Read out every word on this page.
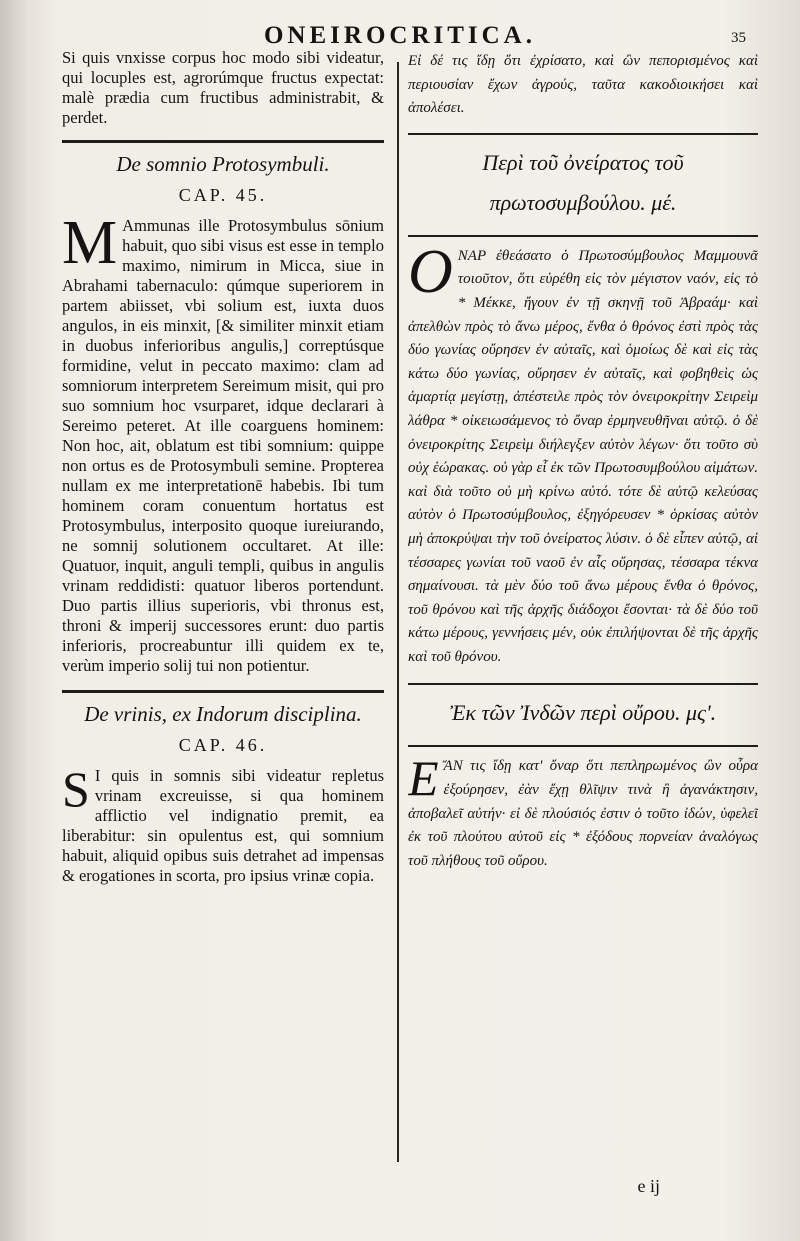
ONEIROCRITICA.	35
Si quis vnxisse corpus hoc modo sibi videatur, qui locuples est, agrorúmque fructus expectat: malè prædia cum fructibus administrabit, & perdet.
De somnio Protosymbuli.
CAP. 45.
M Ammunas ille Protosymbulus sōnium habuit, quo sibi visus est esse in templo maximo, nimirum in Micca, siue in Abrahami tabernaculo: qúmque superiorem in partem abiisset, vbi solium est, iuxta duos angulos, in eis minxit, [& similiter minxit etiam in duobus inferioribus angulis,] correptúsque formidine, velut in peccato maximo: clam ad somniorum interpretem Sereimum misit, qui pro suo somnium hoc vsurparet, idque declarari à Sereimo peteret. At ille coarguens hominem: Non hoc, ait, oblatum est tibi somnium: quippe non ortus es de Protosymbuli semine. Propterea nullam ex me interpretationē habebis. Ibi tum hominem coram conuentum hortatus est Protosymbulus, interposito quoque iureiurando, ne somnij solutionem occultaret. At ille: Quatuor, inquit, anguli templi, quibus in angulis vrinam reddidisti: quatuor liberos portendunt. Duo partis illius superioris, vbi thronus est, throni & imperij successores erunt: duo partis inferioris, procreabuntur illi quidem ex te, verùm imperio solij tui non potientur.
De vrinis, ex Indorum disciplina.
CAP. 46.
S I quis in somnis sibi videatur repletus vrinam excreuisse, si qua hominem afflictio vel indignatio premit, ea liberabitur: sin opulentus est, qui somnium habuit, aliquid opibus suis detrahet ad impensas & erogationes in scorta, pro ipsius vrinæ copia.
Εἰ δέ τις ἴδῃ ὅτι ἐχρίσατο, καὶ ὢν πεπορισμένος καὶ περιουσίαν ἔχων ἀγρούς, ταῦτα κακοδιοικήσει καὶ ἀπολέσει.
Περὶ τοῦ ὀνείρατος τοῦ πρωτοσυμβούλου. μέ.
Ο ΝΑΡ ἐθεάσατο ὁ Πρωτοσύμβουλος Μαμμουνᾶ τοιοῦτον, ὅτι εὑρέθη εἰς τὸν μέγιστον ναόν, εἰς τὸ * Μέκκε, ἤγουν ἐν τῇ σκηνῇ τοῦ Ἀβραάμ· καὶ ἀπελθὼν πρὸς τὸ ἄνω μέρος, ἔνθα ὁ θρόνος ἐστὶ πρὸς τὰς δύο γωνίας οὔρησεν ἐν αὐταῖς, καὶ ὁμοίως δὲ καὶ εἰς τὰς κάτω δύο γωνίας, οὔρησεν ἐν αὐταῖς, καὶ φοβηθεὶς ὡς ἁμαρτίᾳ μεγίστῃ, ἀπέστειλε πρὸς τὸν ὀνειροκρίτην Σειρεὶμ λάθρα * οἰκειωσάμενος τὸ ὄναρ ἑρμηνευθῆναι αὐτῷ. ὁ δὲ ὀνειροκρίτης Σειρεὶμ διήλεγξεν αὐτὸν λέγων· ὅτι τοῦτο σὺ οὐχ ἑώρακας. οὐ γὰρ εἶ ἐκ τῶν Πρωτοσυμβούλου αἱμάτων. καὶ διὰ τοῦτο οὐ μὴ κρίνω αὐτό. τότε δὲ αὐτῷ κελεύσας αὐτὸν ὁ Πρωτοσύμβουλος, ἐξηγόρευσεν * ὁρκίσας αὐτὸν μὴ ἀποκρύψαι τὴν τοῦ ὀνείρατος λύσιν. ὁ δὲ εἶπεν αὐτῷ, αἱ τέσσαρες γωνίαι τοῦ ναοῦ ἐν αἷς οὔρησας, τέσσαρα τέκνα σημαίνουσι. τὰ μὲν δύο τοῦ ἄνω μέρους ἔνθα ὁ θρόνος, τοῦ θρόνου καὶ τῆς ἀρχῆς διάδοχοι ἔσονται· τὰ δὲ δύο τοῦ κάτω μέρους, γεννήσεις μέν, οὐκ ἐπιλήψονται δὲ τῆς ἀρχῆς καὶ τοῦ θρόνου.
Ἐκ τῶν Ἰνδῶν περὶ οὔρου. μς'.
Ε ἌΝ τις ἴδῃ κατ' ὄναρ ὅτι πεπληρωμένος ὢν οὖρα ἐξούρησεν, ἐὰν ἔχῃ θλῖψιν τινὰ ἢ ἀγανάκτησιν, ἀποβαλεῖ αὐτήν· εἰ δὲ πλούσιός ἐστιν ὁ τοῦτο ἰδών, ὑφελεῖ ἐκ τοῦ πλούτου αὐτοῦ εἰς * ἐξόδους πορνείαν ἀναλόγως τοῦ πλήθους τοῦ οὔρου.
e ij
